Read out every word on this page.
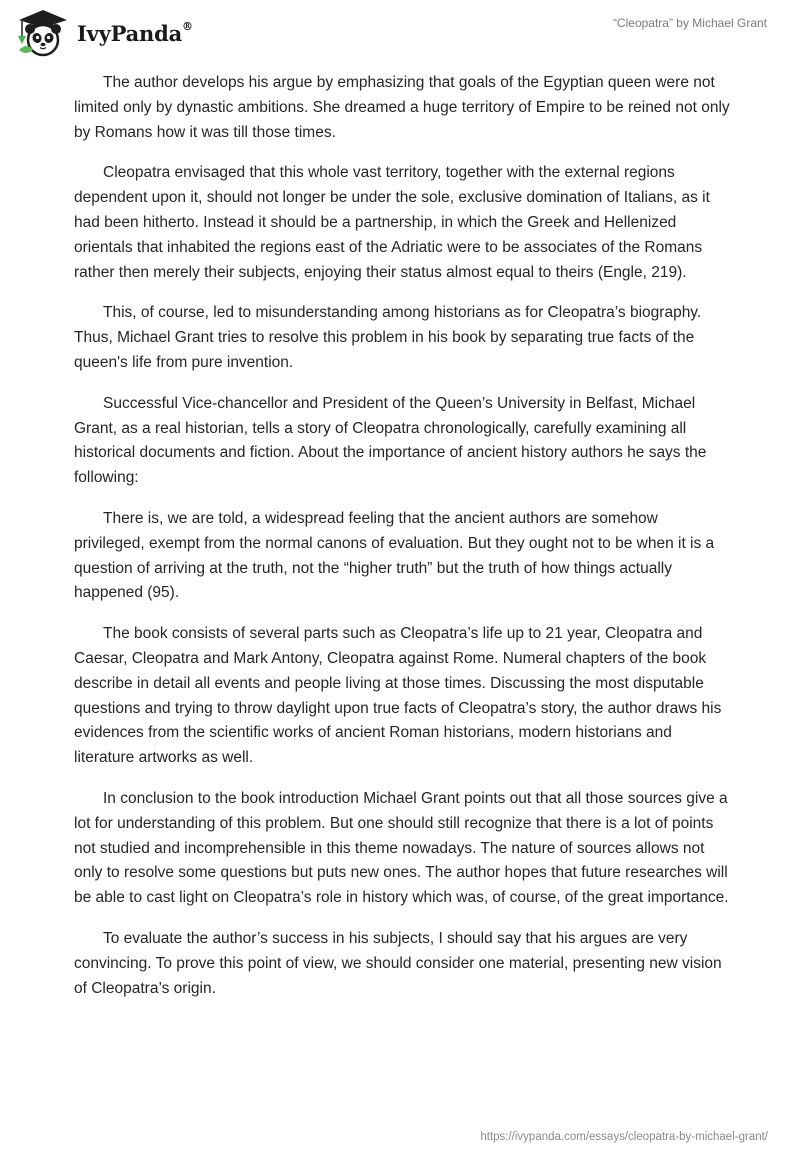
IvyPanda®	“Cleopatra” by Michael Grant

The author develops his argue by emphasizing that goals of the Egyptian queen were not limited only by dynastic ambitions. She dreamed a huge territory of Empire to be reined not only by Romans how it was till those times.

Cleopatra envisaged that this whole vast territory, together with the external regions dependent upon it, should not longer be under the sole, exclusive domination of Italians, as it had been hitherto. Instead it should be a partnership, in which the Greek and Hellenized orientals that inhabited the regions east of the Adriatic were to be associates of the Romans rather then merely their subjects, enjoying their status almost equal to theirs (Engle, 219).

This, of course, led to misunderstanding among historians as for Cleopatra’s biography. Thus, Michael Grant tries to resolve this problem in his book by separating true facts of the queen's life from pure invention.

Successful Vice-chancellor and President of the Queen’s University in Belfast, Michael Grant, as a real historian, tells a story of Cleopatra chronologically, carefully examining all historical documents and fiction. About the importance of ancient history authors he says the following:

There is, we are told, a widespread feeling that the ancient authors are somehow privileged, exempt from the normal canons of evaluation. But they ought not to be when it is a question of arriving at the truth, not the “higher truth” but the truth of how things actually happened (95).

The book consists of several parts such as Cleopatra’s life up to 21 year, Cleopatra and Caesar, Cleopatra and Mark Antony, Cleopatra against Rome. Numeral chapters of the book describe in detail all events and people living at those times. Discussing the most disputable questions and trying to throw daylight upon true facts of Cleopatra’s story, the author draws his evidences from the scientific works of ancient Roman historians, modern historians and literature artworks as well.

In conclusion to the book introduction Michael Grant points out that all those sources give a lot for understanding of this problem. But one should still recognize that there is a lot of points not studied and incomprehensible in this theme nowadays. The nature of sources allows not only to resolve some questions but puts new ones. The author hopes that future researches will be able to cast light on Cleopatra’s role in history which was, of course, of the great importance.

To evaluate the author’s success in his subjects, I should say that his argues are very convincing. To prove this point of view, we should consider one material, presenting new vision of Cleopatra’s origin.

https://ivypanda.com/essays/cleopatra-by-michael-grant/
